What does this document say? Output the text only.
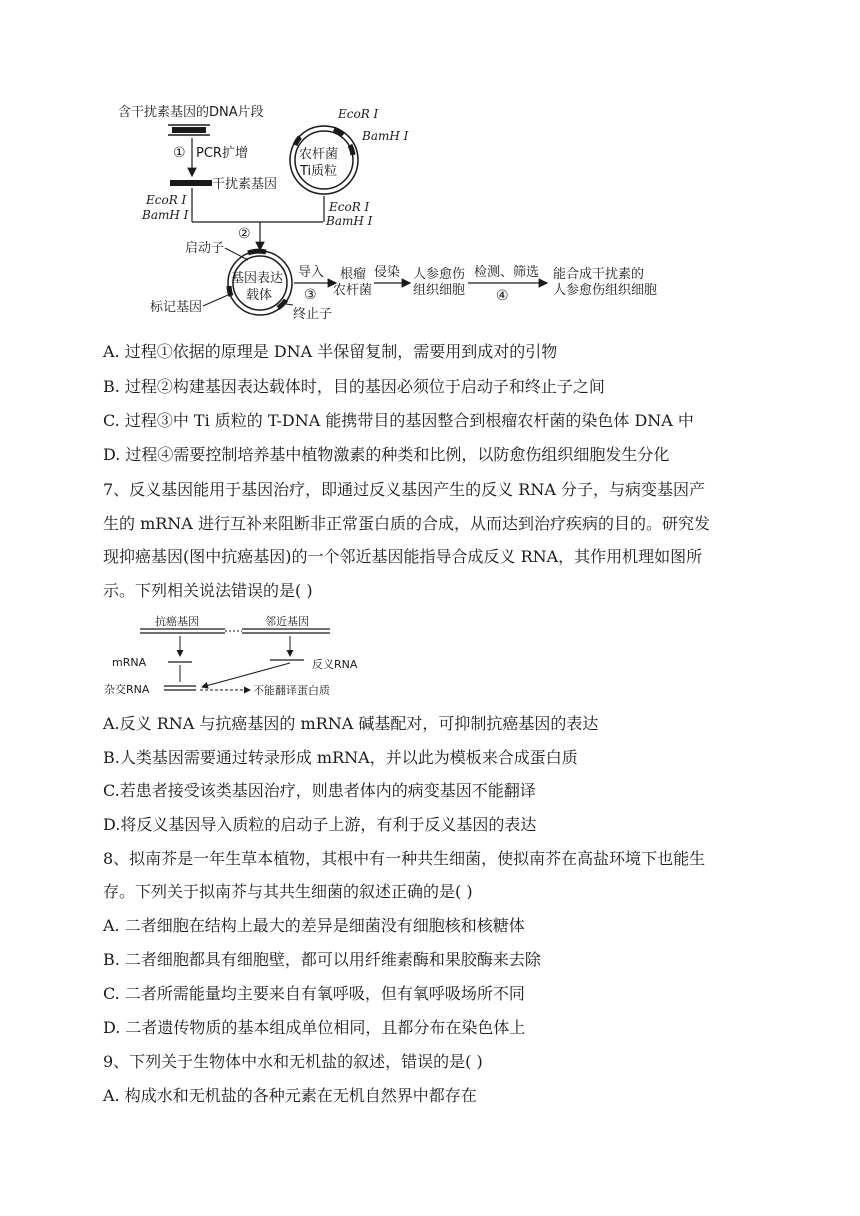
含干扰素基因的DNA片段
① PCR扩增
干扰素基因
EcoR I
BamH I
农杆菌
Ti质粒
EcoR I
BamH I
EcoR I
BamH I
②
启动子
基因表达
载体
标记基因	终止子
导入
③
根瘤
农杆菌
侵染 人参愈伤
组织细胞
检测、筛选
④
能合成干扰素的
人参愈伤组织细胞
A. 过程①依据的原理是 DNA 半保留复制，需要用到成对的引物
B. 过程②构建基因表达载体时，目的基因必须位于启动子和终止子之间
C. 过程③中 Ti 质粒的 T-DNA 能携带目的基因整合到根瘤农杆菌的染色体 DNA 中
D. 过程④需要控制培养基中植物激素的种类和比例，以防愈伤组织细胞发生分化
7、反义基因能用于基因治疗，即通过反义基因产生的反义 RNA 分子，与病变基因产
生的 mRNA 进行互补来阻断非正常蛋白质的合成，从而达到治疗疾病的目的。研究发
现抑癌基因(图中抗癌基因)的一个邻近基因能指导合成反义 RNA，其作用机理如图所
示。下列相关说法错误的是( )
抗癌基因	邻近基因
mRNA	反义RNA
杂交RNA	不能翻译蛋白质
A.反义 RNA 与抗癌基因的 mRNA 碱基配对，可抑制抗癌基因的表达
B.人类基因需要通过转录形成 mRNA，并以此为模板来合成蛋白质
C.若患者接受该类基因治疗，则患者体内的病变基因不能翻译
D.将反义基因导入质粒的启动子上游，有利于反义基因的表达
8、拟南芥是一年生草本植物，其根中有一种共生细菌，使拟南芥在高盐环境下也能生
存。下列关于拟南芥与其共生细菌的叙述正确的是( )
A. 二者细胞在结构上最大的差异是细菌没有细胞核和核糖体
B. 二者细胞都具有细胞壁，都可以用纤维素酶和果胶酶来去除
C. 二者所需能量均主要来自有氧呼吸，但有氧呼吸场所不同
D. 二者遗传物质的基本组成单位相同，且都分布在染色体上
9、下列关于生物体中水和无机盐的叙述，错误的是( )
A. 构成水和无机盐的各种元素在无机自然界中都存在
